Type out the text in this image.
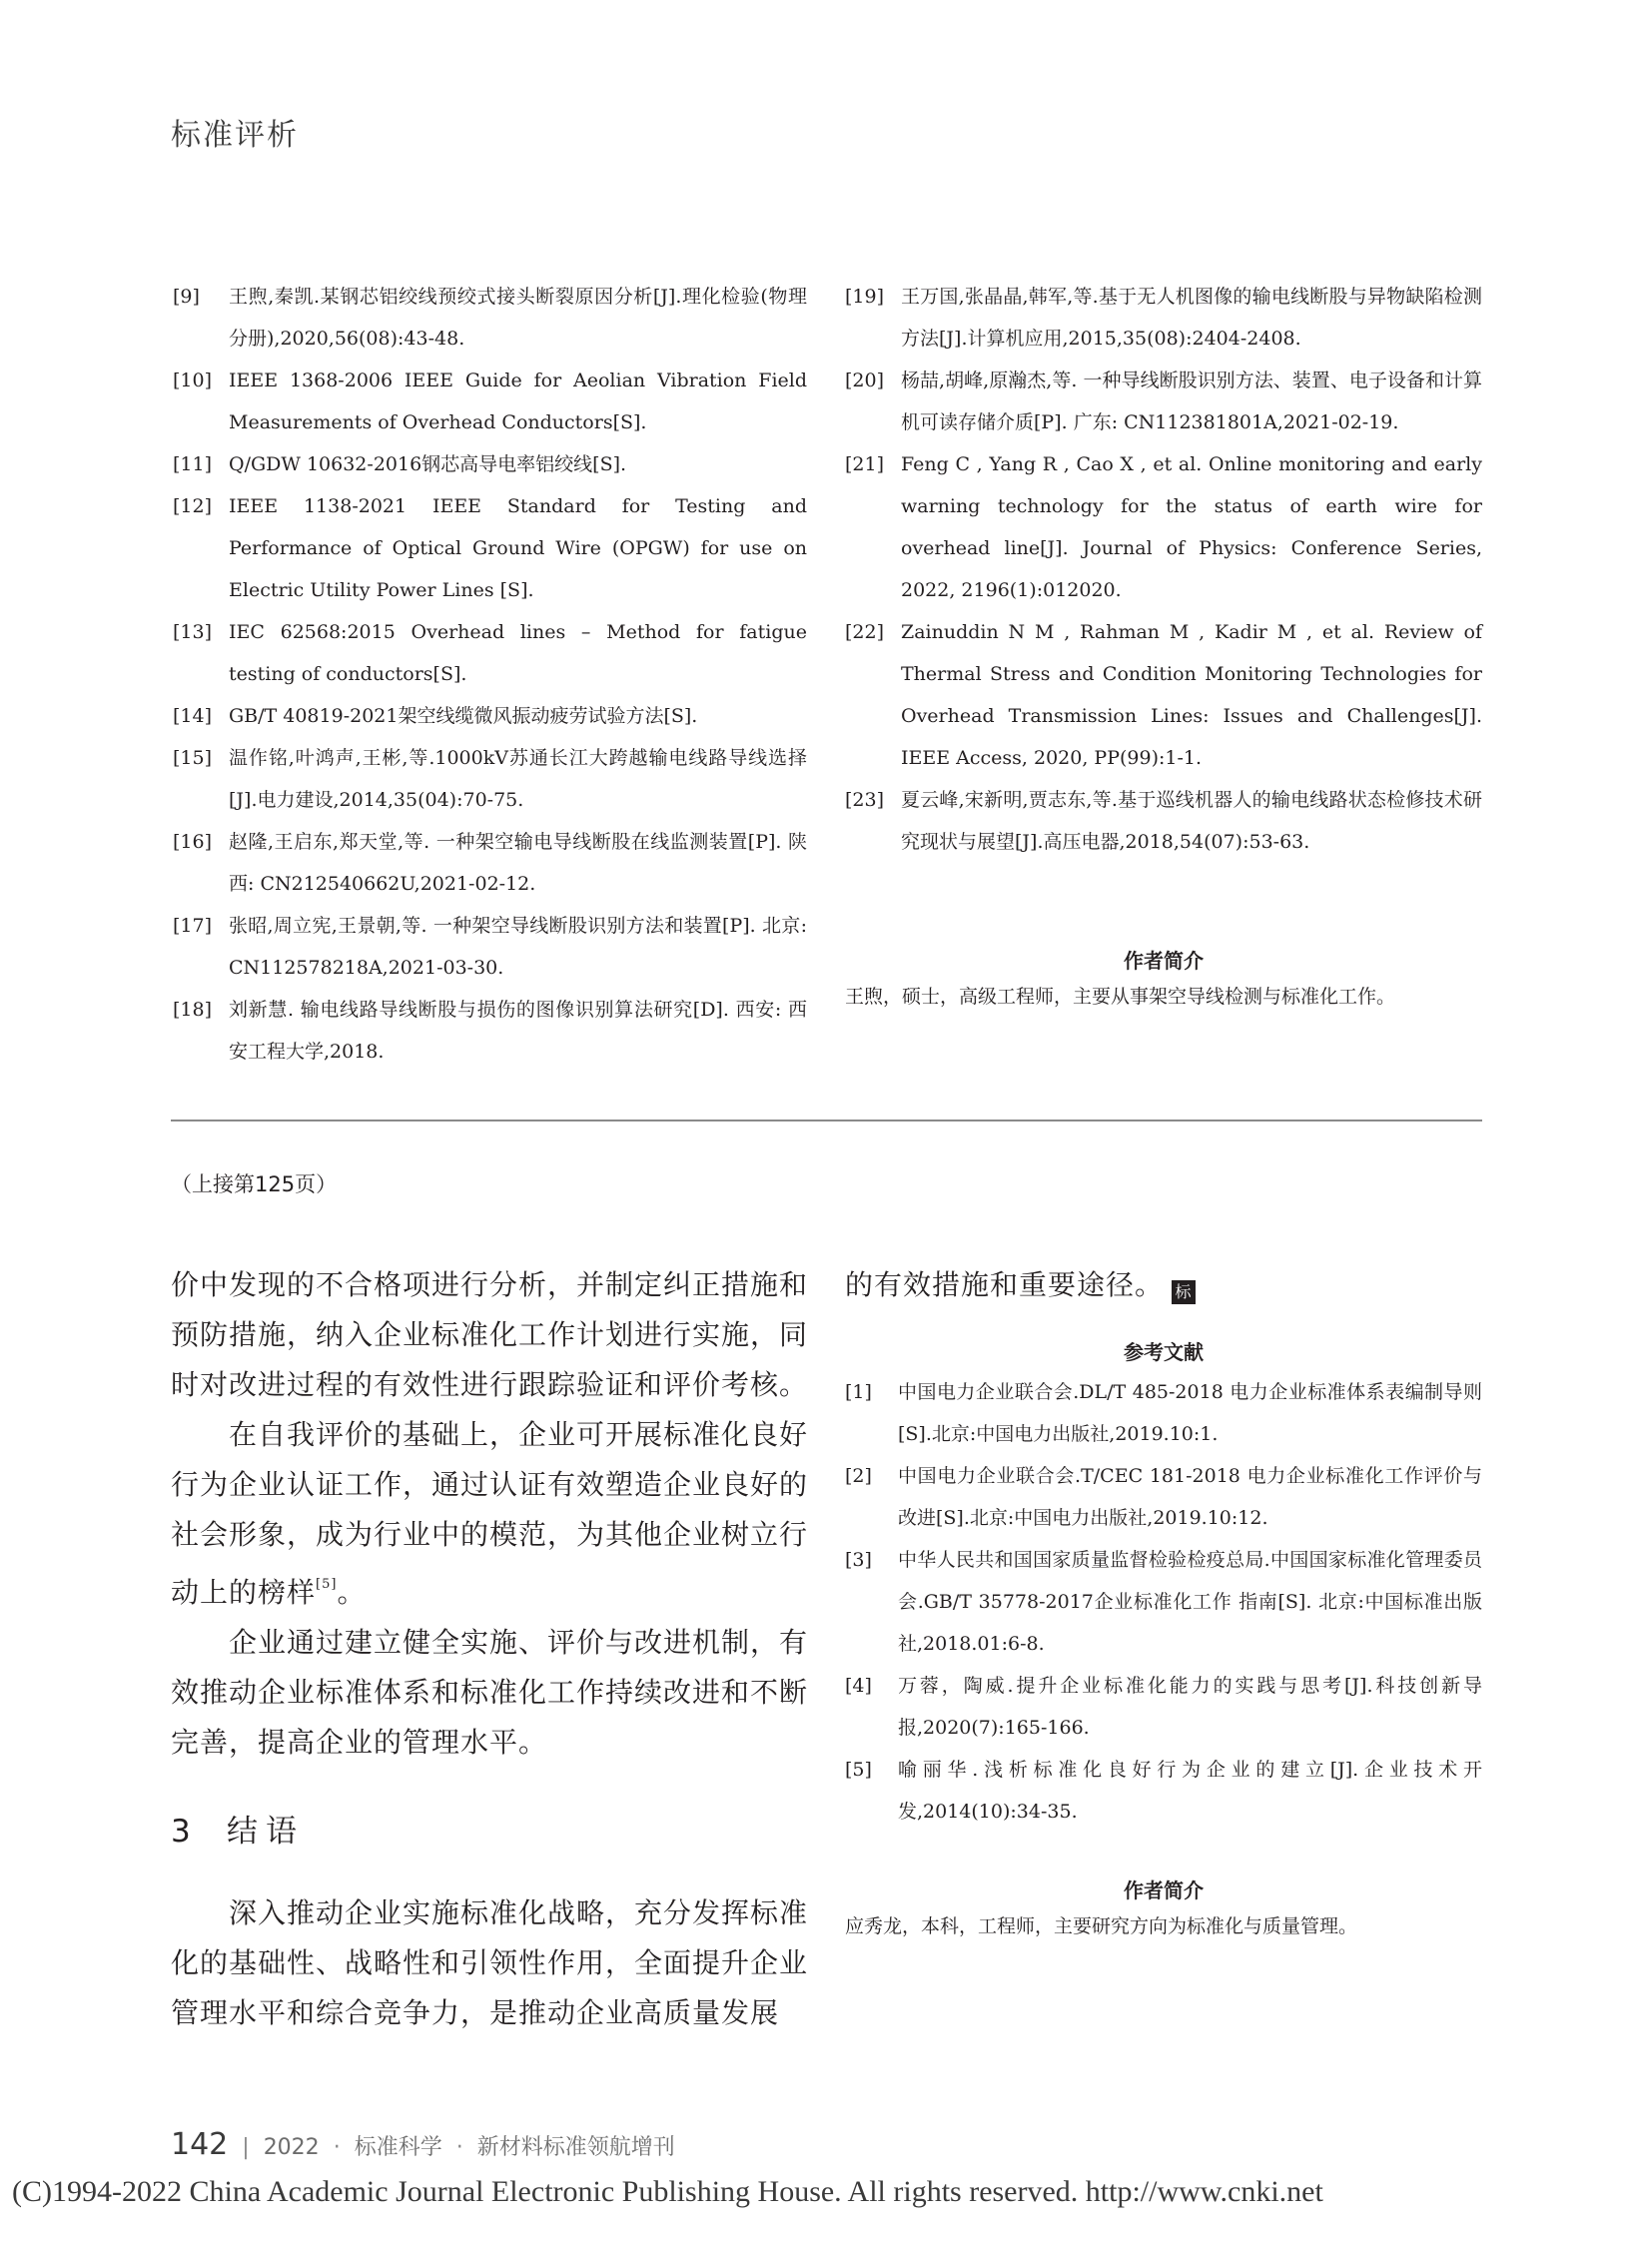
标准评析
[9]	王煦,秦凯.某钢芯铝绞线预绞式接头断裂原因分析[J].理化检验(物理分册),2020,56(08):43-48.
[10] IEEE 1368-2006 IEEE Guide for Aeolian Vibration Field Measurements of Overhead Conductors[S].
[11] Q/GDW 10632-2016钢芯高导电率铝绞线[S].
[12] IEEE 1138-2021 IEEE Standard for Testing and Performance of Optical Ground Wire (OPGW) for use on Electric Utility Power Lines [S].
[13] IEC 62568:2015 Overhead lines – Method for fatigue testing of conductors[S].
[14] GB/T 40819-2021架空线缆微风振动疲劳试验方法[S].
[15] 温作铭,叶鸿声,王彬,等.1000kV苏通长江大跨越输电线路导线选择[J].电力建设,2014,35(04):70-75.
[16] 赵隆,王启东,郑天堂,等. 一种架空输电导线断股在线监测装置[P]. 陕西: CN212540662U,2021-02-12.
[17] 张昭,周立宪,王景朝,等. 一种架空导线断股识别方法和装置[P]. 北京: CN112578218A,2021-03-30.
[18] 刘新慧. 输电线路导线断股与损伤的图像识别算法研究[D]. 西安: 西安工程大学,2018.
[19] 王万国,张晶晶,韩军,等.基于无人机图像的输电线断股与异物缺陷检测方法[J].计算机应用,2015,35(08):2404-2408.
[20] 杨喆,胡峰,原瀚杰,等. 一种导线断股识别方法、装置、电子设备和计算机可读存储介质[P]. 广东: CN112381801A,2021-02-19.
[21] Feng C , Yang R , Cao X , et al. Online monitoring and early warning technology for the status of earth wire for overhead line[J]. Journal of Physics: Conference Series, 2022, 2196(1):012020.
[22] Zainuddin N M , Rahman M , Kadir M , et al. Review of Thermal Stress and Condition Monitoring Technologies for Overhead Transmission Lines: Issues and Challenges[J]. IEEE Access, 2020, PP(99):1-1.
[23] 夏云峰,宋新明,贾志东,等.基于巡线机器人的输电线路状态检修技术研究现状与展望[J].高压电器,2018,54(07):53-63.
作者简介
王煦，硕士，高级工程师，主要从事架空导线检测与标准化工作。
（上接第125页）

价中发现的不合格项进行分析，并制定纠正措施和预防措施，纳入企业标准化工作计划进行实施，同时对改进过程的有效性进行跟踪验证和评价考核。

在自我评价的基础上，企业可开展标准化良好行为企业认证工作，通过认证有效塑造企业良好的社会形象，成为行业中的模范，为其他企业树立行动上的榜样[5]。

企业通过建立健全实施、评价与改进机制，有效推动企业标准体系和标准化工作持续改进和不断完善，提高企业的管理水平。

3 结语

深入推动企业实施标准化战略，充分发挥标准化的基础性、战略性和引领性作用，全面提升企业管理水平和综合竞争力，是推动企业高质量发展

的有效措施和重要途径。 标

参考文献

[1]	中国电力企业联合会.DL/T 485-2018 电力企业标准体系表编制导则[S].北京:中国电力出版社,2019.10:1.
[2]	中国电力企业联合会.T/CEC 181-2018 电力企业标准化工作评价与改进[S].北京:中国电力出版社,2019.10:12.
[3]	中华人民共和国国家质量监督检验检疫总局.中国国家标准化管理委员会.GB/T 35778-2017企业标准化工作 指南[S]. 北京:中国标准出版社,2018.01:6-8.
[4]	万蓉，陶威.提升企业标准化能力的实践与思考[J].科技创新导报,2020(7):165-166.
[5]	喻丽华.浅析标准化良好行为企业的建立[J].企业技术开发,2014(10):34-35.
作者简介
应秀龙，本科，工程师，主要研究方向为标准化与质量管理。
142 | 2022 · 标准科学 · 新材料标准领航增刊
(C)1994-2022 China Academic Journal Electronic Publishing House. All rights reserved. http://www.cnki.net
